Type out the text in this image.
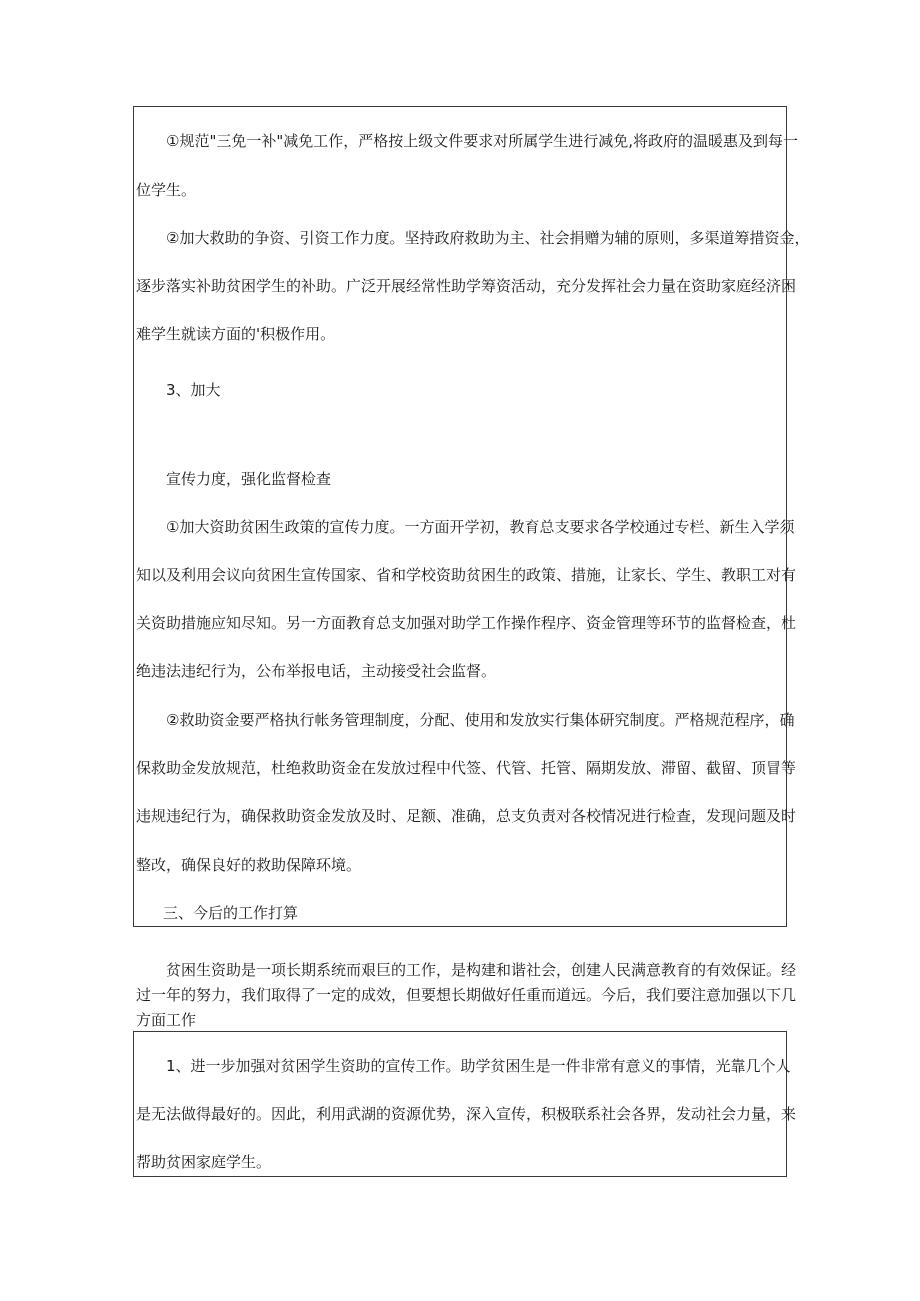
①规范"三免一补"减免工作，严格按上级文件要求对所属学生进行减免,将政府的温暖惠及到每一
位学生。
②加大救助的争资、引资工作力度。坚持政府救助为主、社会捐赠为辅的原则，多渠道筹措资金，
逐步落实补助贫困学生的补助。广泛开展经常性助学筹资活动，充分发挥社会力量在资助家庭经济困
难学生就读方面的'积极作用。
3、加大
宣传力度，强化监督检查
①加大资助贫困生政策的宣传力度。一方面开学初，教育总支要求各学校通过专栏、新生入学须
知以及利用会议向贫困生宣传国家、省和学校资助贫困生的政策、措施，让家长、学生、教职工对有
关资助措施应知尽知。另一方面教育总支加强对助学工作操作程序、资金管理等环节的监督检查，杜
绝违法违纪行为，公布举报电话，主动接受社会监督。
②救助资金要严格执行帐务管理制度，分配、使用和发放实行集体研究制度。严格规范程序，确
保救助金发放规范，杜绝救助资金在发放过程中代签、代管、托管、隔期发放、滞留、截留、顶冒等
违规违纪行为，确保救助资金发放及时、足额、准确，总支负责对各校情况进行检查，发现问题及时
整改，确保良好的救助保障环境。
三、今后的工作打算
贫困生资助是一项长期系统而艰巨的工作，是构建和谐社会，创建人民满意教育的有效保证。经
过一年的努力，我们取得了一定的成效，但要想长期做好任重而道远。今后，我们要注意加强以下几
方面工作
1、进一步加强对贫困学生资助的宣传工作。助学贫困生是一件非常有意义的事情，光靠几个人
是无法做得最好的。因此，利用武湖的资源优势，深入宣传，积极联系社会各界，发动社会力量，来
帮助贫困家庭学生。
